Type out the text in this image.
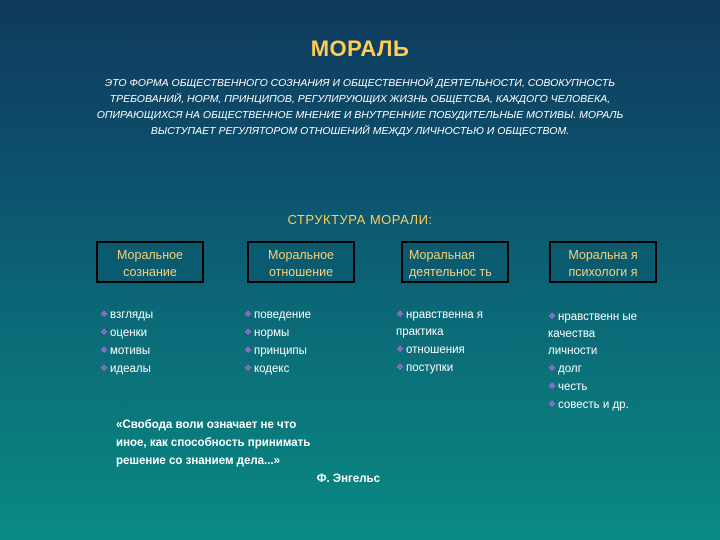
МОРАЛЬ
ЭТО ФОРМА ОБЩЕСТВЕННОГО СОЗНАНИЯ И ОБЩЕСТВЕННОЙ ДЕЯТЕЛЬНОСТИ, СОВОКУПНОСТЬ ТРЕБОВАНИЙ, НОРМ, ПРИНЦИПОВ, РЕГУЛИРУЮЩИХ ЖИЗНЬ ОБЩЕТСВА, КАЖДОГО ЧЕЛОВЕКА, ОПИРАЮЩИХСЯ НА ОБЩЕСТВЕННОЕ МНЕНИЕ И ВНУТРЕННИЕ ПОБУДИТЕЛЬНЫЕ МОТИВЫ. МОРАЛЬ ВЫСТУПАЕТ РЕГУЛЯТОРОМ ОТНОШЕНИЙ МЕЖДУ ЛИЧНОСТЬЮ И ОБЩЕСТВОМ.
СТРУКТУРА МОРАЛИ:
Моральное сознание
❖ взгляды
❖ оценки
❖ мотивы
❖ идеалы
Моральное отношение
❖ поведение
❖ нормы
❖ принципы
❖ кодекс
Моральная деятельнос ть
❖ нравственна я практика
❖ отношения
❖ поступки
Моральна я психологи я
❖ нравственн ые качества личности
❖ долг
❖ честь
❖ совесть и др.
«Свобода воли означает не что
иное, как способность принимать
решение со знанием дела...»
Ф. Энгельс
